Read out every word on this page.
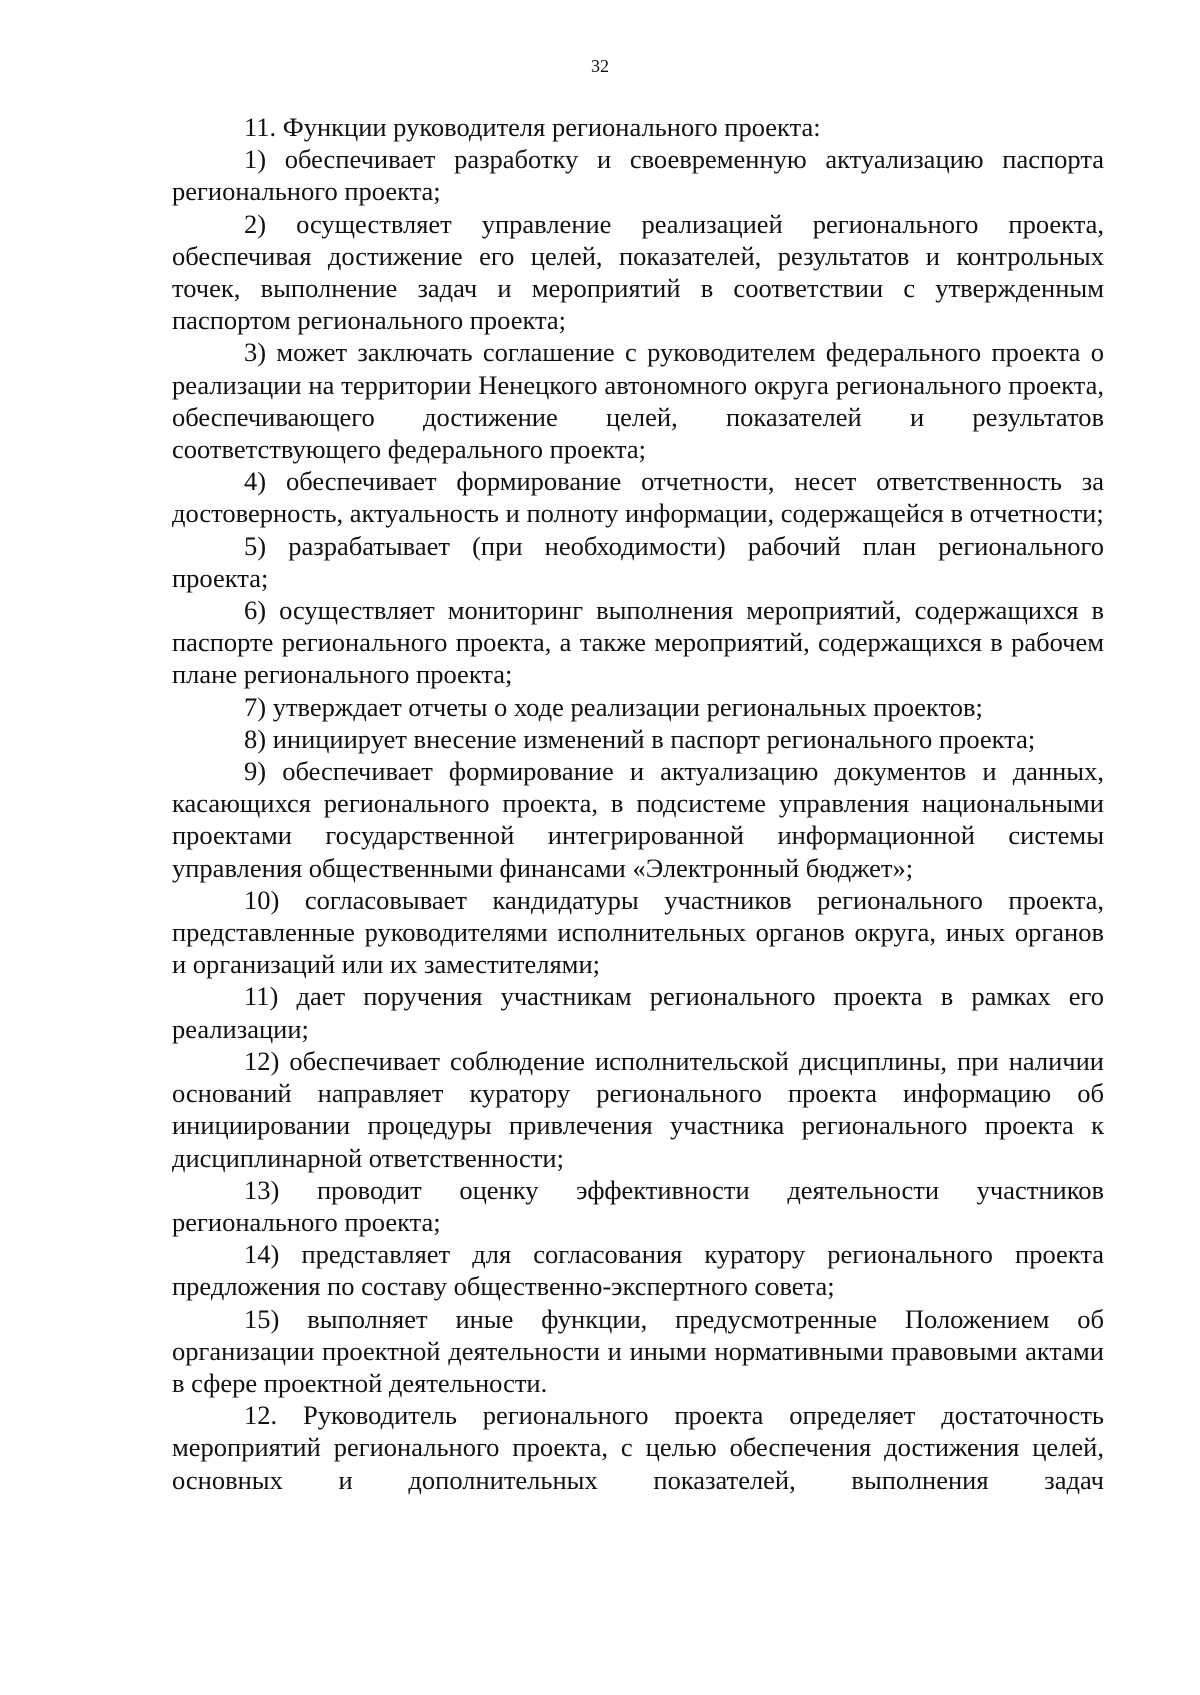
32

11. Функции руководителя регионального проекта:

1) обеспечивает разработку и своевременную актуализацию паспорта регионального проекта;

2) осуществляет управление реализацией регионального проекта, обеспечивая достижение его целей, показателей, результатов и контрольных точек, выполнение задач и мероприятий в соответствии с утвержденным паспортом регионального проекта;

3) может заключать соглашение с руководителем федерального проекта о реализации на территории Ненецкого автономного округа регионального проекта, обеспечивающего достижение целей, показателей и результатов соответствующего федерального проекта;

4) обеспечивает формирование отчетности, несет ответственность за достоверность, актуальность и полноту информации, содержащейся в отчетности;

5) разрабатывает (при необходимости) рабочий план регионального проекта;

6) осуществляет мониторинг выполнения мероприятий, содержащихся в паспорте регионального проекта, а также мероприятий, содержащихся в рабочем плане регионального проекта;

7) утверждает отчеты о ходе реализации региональных проектов;

8) инициирует внесение изменений в паспорт регионального проекта;

9) обеспечивает формирование и актуализацию документов и данных, касающихся регионального проекта, в подсистеме управления национальными проектами государственной интегрированной информационной системы управления общественными финансами «Электронный бюджет»;

10) согласовывает кандидатуры участников регионального проекта, представленные руководителями исполнительных органов округа, иных органов и организаций или их заместителями;

11) дает поручения участникам регионального проекта в рамках его реализации;

12) обеспечивает соблюдение исполнительской дисциплины, при наличии оснований направляет куратору регионального проекта информацию об инициировании процедуры привлечения участника регионального проекта к дисциплинарной ответственности;

13) проводит оценку эффективности деятельности участников регионального проекта;

14) представляет для согласования куратору регионального проекта предложения по составу общественно-экспертного совета;

15) выполняет иные функции, предусмотренные Положением об организации проектной деятельности и иными нормативными правовыми актами в сфере проектной деятельности.

12. Руководитель регионального проекта определяет достаточность мероприятий регионального проекта, с целью обеспечения достижения целей, основных и дополнительных показателей, выполнения задач
